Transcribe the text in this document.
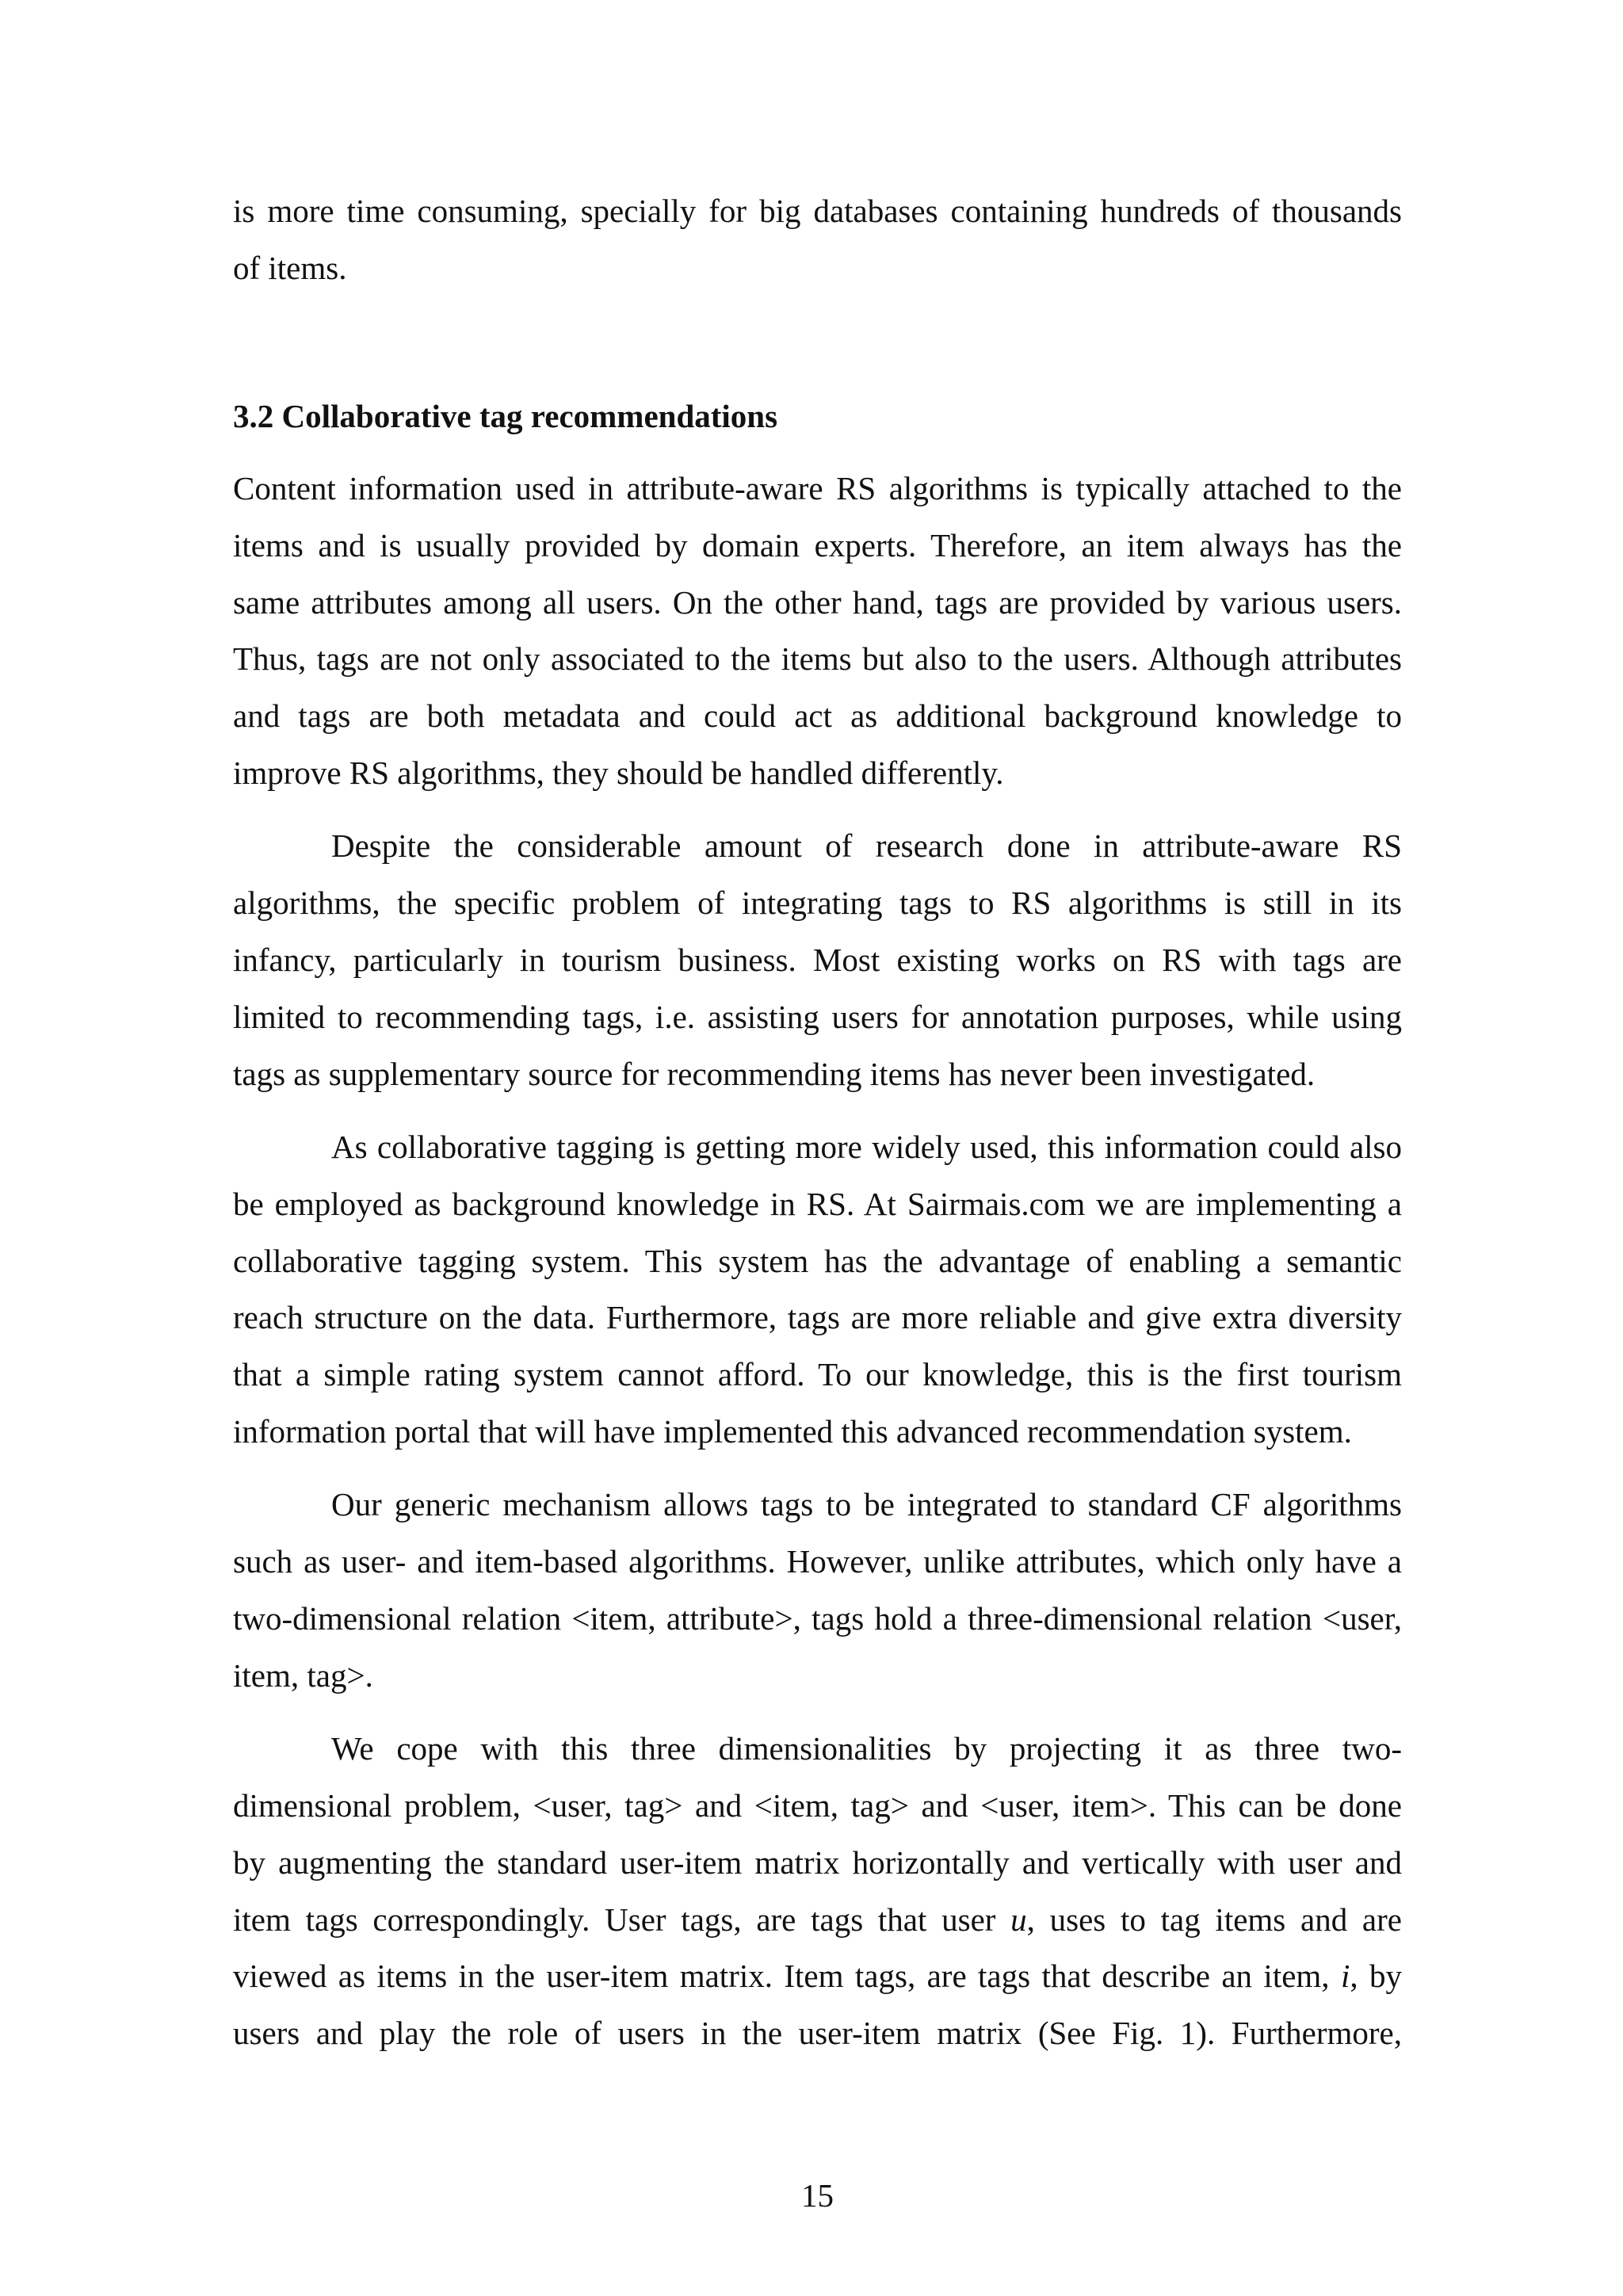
is more time consuming, specially for big databases containing hundreds of thousands
of items.
3.2 Collaborative tag recommendations
Content information used in attribute-aware RS algorithms is typically attached to the
items and is usually provided by domain experts. Therefore, an item always has the
same attributes among all users. On the other hand, tags are provided by various users.
Thus, tags are not only associated to the items but also to the users. Although attributes
and tags are both metadata and could act as additional background knowledge to
improve RS algorithms, they should be handled differently.
Despite the considerable amount of research done in attribute-aware RS
algorithms, the specific problem of integrating tags to RS algorithms is still in its
infancy, particularly in tourism business. Most existing works on RS with tags are
limited to recommending tags, i.e. assisting users for annotation purposes, while using
tags as supplementary source for recommending items has never been investigated.
As collaborative tagging is getting more widely used, this information could also
be employed as background knowledge in RS. At Sairmais.com we are implementing a
collaborative tagging system. This system has the advantage of enabling a semantic
reach structure on the data. Furthermore, tags are more reliable and give extra diversity
that a simple rating system cannot afford. To our knowledge, this is the first tourism
information portal that will have implemented this advanced recommendation system.
Our generic mechanism allows tags to be integrated to standard CF algorithms
such as user- and item-based algorithms. However, unlike attributes, which only have a
two-dimensional relation <item, attribute>, tags hold a three-dimensional relation <user,
item, tag>.
We cope with this three dimensionalities by projecting it as three two-
dimensional problem, <user, tag> and <item, tag> and <user, item>. This can be done
by augmenting the standard user-item matrix horizontally and vertically with user and
item tags correspondingly. User tags, are tags that user u, uses to tag items and are
viewed as items in the user-item matrix. Item tags, are tags that describe an item, i, by
users and play the role of users in the user-item matrix (See Fig. 1). Furthermore,
15
